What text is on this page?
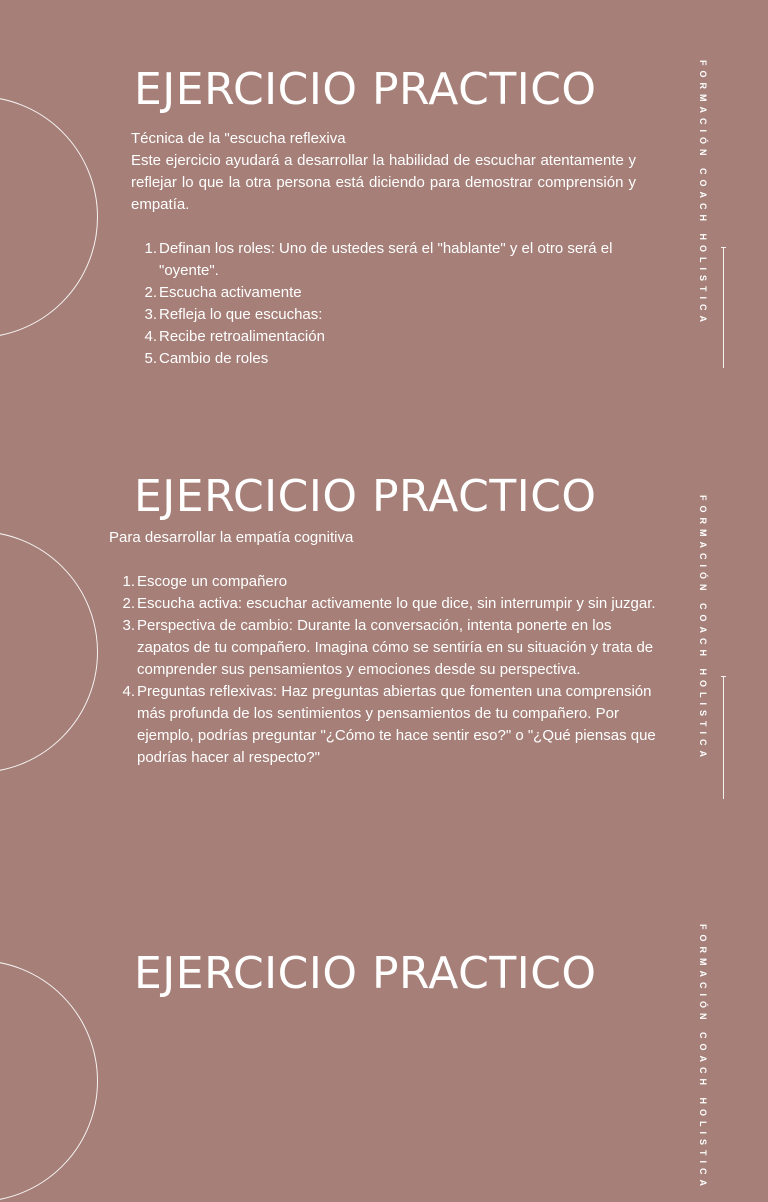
EJERCICIO PRACTICO	FORMACIÓN COACH HOLISTICA

Técnica de la "escucha reflexiva

Este ejercicio ayudará a desarrollar la habilidad de escuchar atentamente y reflejar lo que la otra persona está diciendo para demostrar comprensión y empatía.

Definan los roles: Uno de ustedes será el "hablante" y el otro será el "oyente".
Escucha activamente
Refleja lo que escuchas:
Recibe retroalimentación
Cambio de roles
EJERCICIO PRACTICO	FORMACIÓN COACH HOLISTICA

Para desarrollar la empatía cognitiva

Escoge un compañero
Escucha activa: escuchar activamente lo que dice, sin interrumpir y sin juzgar.
Perspectiva de cambio: Durante la conversación, intenta ponerte en los zapatos de tu compañero. Imagina cómo se sentiría en su situación y trata de comprender sus pensamientos y emociones desde su perspectiva.
Preguntas reflexivas: Haz preguntas abiertas que fomenten una comprensión más profunda de los sentimientos y pensamientos de tu compañero. Por ejemplo, podrías preguntar "¿Cómo te hace sentir eso?" o "¿Qué piensas que podrías hacer al respecto?"
EJERCICIO PRACTICO	FORMACIÓN COACH HOLISTICA
